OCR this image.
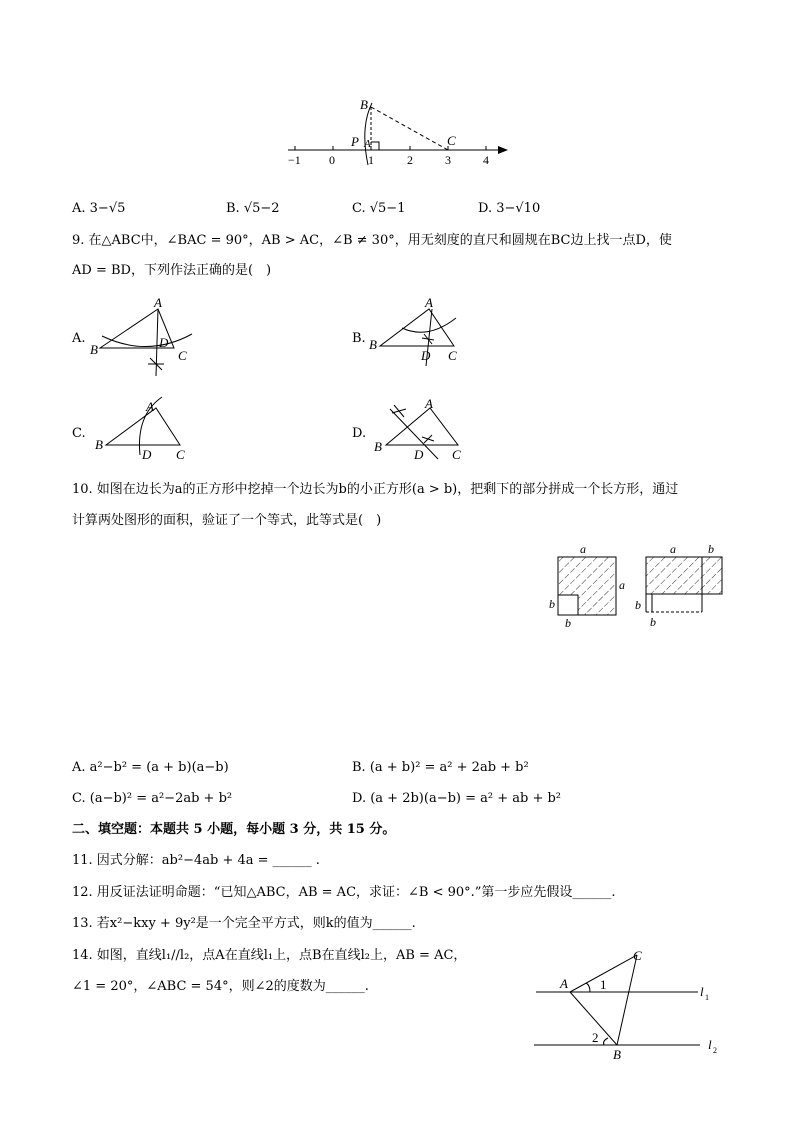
−1 0	1	2	3	4
B
P A	C
A. 3−√5	B. √5−2	C. √5−1	D. 3−√10
9. 在△ABC中，∠BAC = 90°，AB > AC，∠B ≠ 30°，用无刻度的直尺和圆规在BC边上找一点D，使
AD = BD，下列作法正确的是(　)
A.
A
B	D
C
B.
A
B
D C
C.
A
B
D C
D.
A
B
D C
10. 如图在边长为a的正方形中挖掉一个边长为b的小正方形(a > b)，把剩下的部分拼成一个长方形，通过
计算两处图形的面积，验证了一个等式，此等式是(　)
a
a
b
b
a	b
b
b
A. a²−b² = (a + b)(a−b)	B. (a + b)² = a² + 2ab + b²
C. (a−b)² = a²−2ab + b²	D. (a + 2b)(a−b) = a² + ab + b²
二、填空题：本题共 5 小题，每小题 3 分，共 15 分。
11. 因式分解：ab²−4ab + 4a = ______ .
12. 用反证法证明命题：“已知△ABC，AB = AC，求证：∠B < 90°.”第一步应先假设______.
13. 若x²−kxy + 9y²是一个完全平方式，则k的值为______.
14. 如图，直线l₁//l₂，点A在直线l₁上，点B在直线l₂上，AB = AC，
∠1 = 20°，∠ABC = 54°，则∠2的度数为______.	A
C
B
1
2
l 1
l 2
